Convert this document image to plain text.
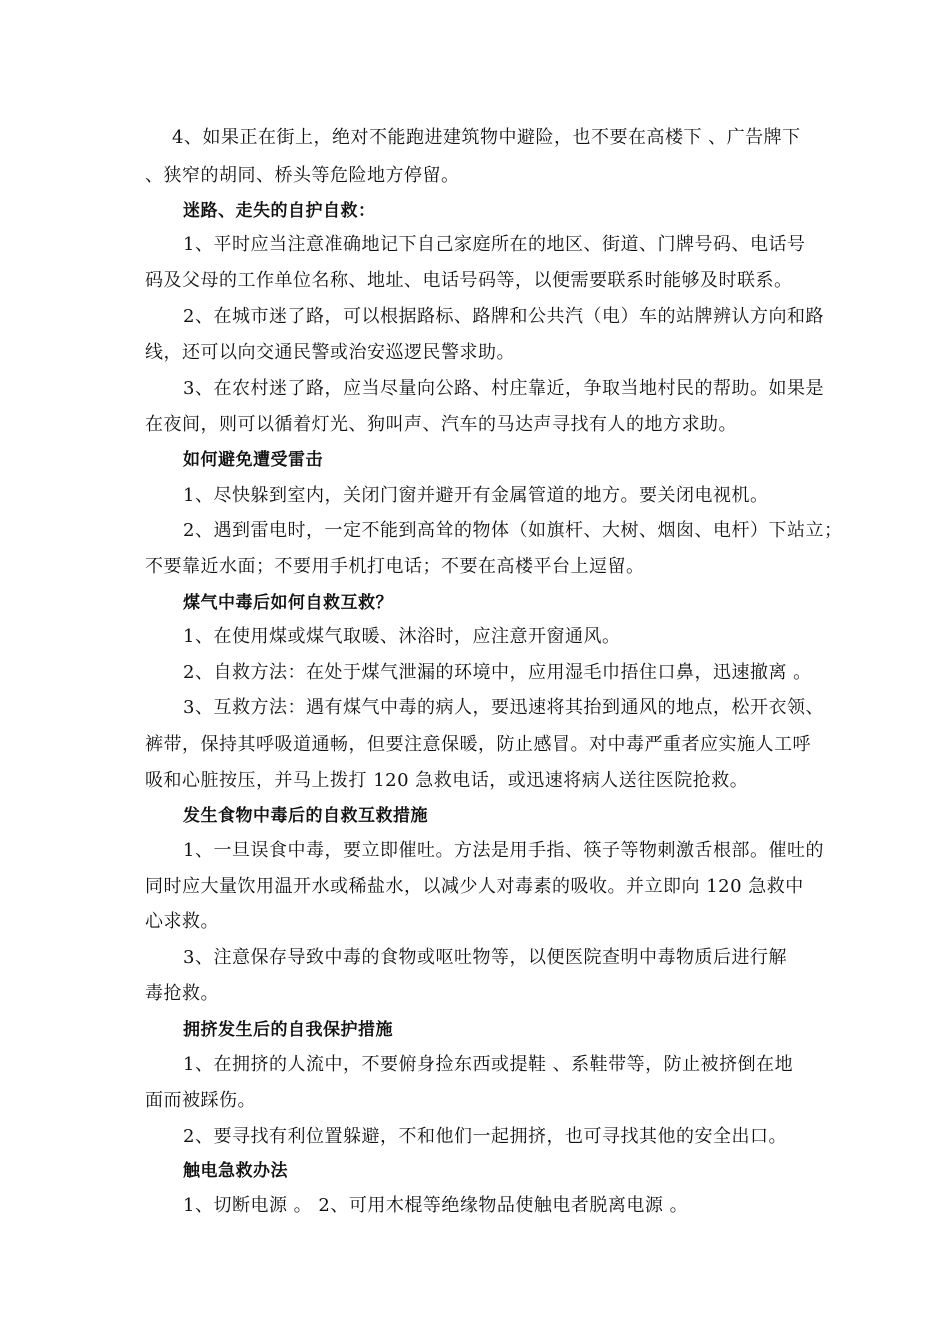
4、如果正在街上，绝对不能跑进建筑物中避险，也不要在高楼下 、广告牌下
、狭窄的胡同、桥头等危险地方停留。
迷路、走失的自护自救：
1、平时应当注意准确地记下自己家庭所在的地区、街道、门牌号码、电话号
码及父母的工作单位名称、地址、电话号码等，以便需要联系时能够及时联系。
2、在城市迷了路，可以根据路标、路牌和公共汽（电）车的站牌辨认方向和路
线，还可以向交通民警或治安巡逻民警求助。
3、在农村迷了路，应当尽量向公路、村庄靠近，争取当地村民的帮助。如果是
在夜间，则可以循着灯光、狗叫声、汽车的马达声寻找有人的地方求助。
如何避免遭受雷击
1、尽快躲到室内，关闭门窗并避开有金属管道的地方。要关闭电视机。
2、遇到雷电时，一定不能到高耸的物体（如旗杆、大树、烟囱、电杆）下站立；
不要靠近水面；不要用手机打电话；不要在高楼平台上逗留。
煤气中毒后如何自救互救？
1、在使用煤或煤气取暖、沐浴时，应注意开窗通风。
2、自救方法：在处于煤气泄漏的环境中，应用湿毛巾捂住口鼻，迅速撤离 。
3、互救方法：遇有煤气中毒的病人，要迅速将其抬到通风的地点，松开衣领、
裤带，保持其呼吸道通畅，但要注意保暖，防止感冒。对中毒严重者应实施人工呼
吸和心脏按压，并马上拨打 120 急救电话，或迅速将病人送往医院抢救。
发生食物中毒后的自救互救措施
1、一旦误食中毒，要立即催吐。方法是用手指、筷子等物刺激舌根部。催吐的
同时应大量饮用温开水或稀盐水，以减少人对毒素的吸收。并立即向 120 急救中
心求救。
3、注意保存导致中毒的食物或呕吐物等，以便医院查明中毒物质后进行解
毒抢救。
拥挤发生后的自我保护措施
1、在拥挤的人流中，不要俯身捡东西或提鞋 、系鞋带等，防止被挤倒在地
面而被踩伤。
2、要寻找有利位置躲避，不和他们一起拥挤，也可寻找其他的安全出口。
触电急救办法
1、切断电源 。 2、可用木棍等绝缘物品使触电者脱离电源 。
